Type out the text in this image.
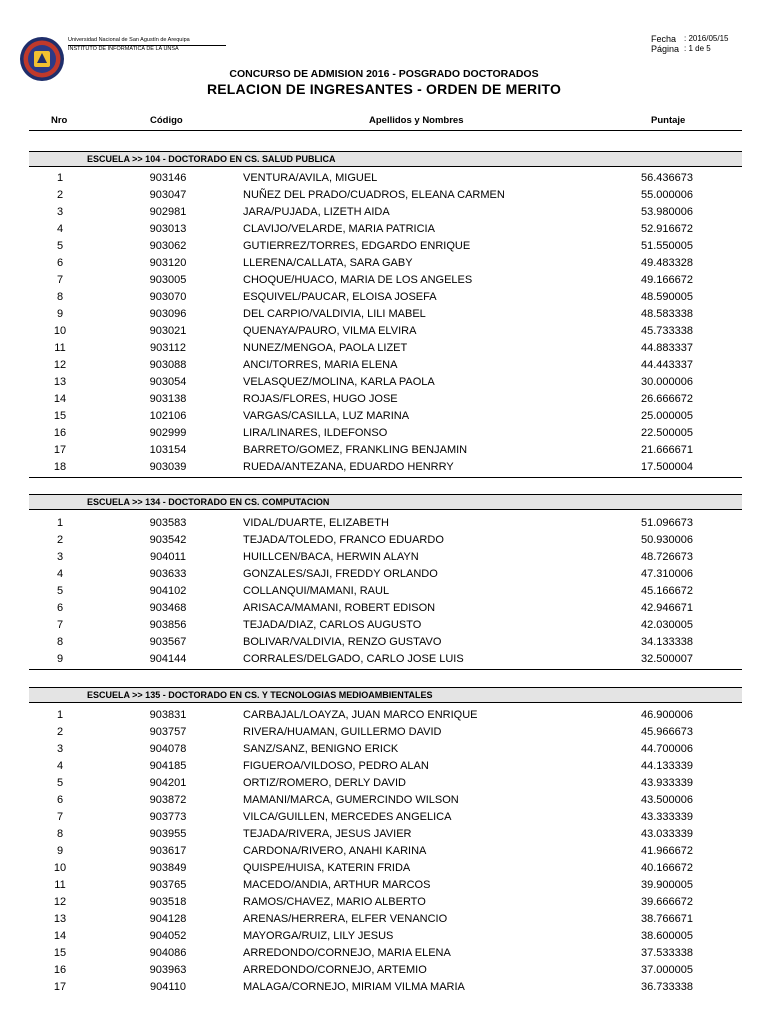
Universidad Nacional de San Agustín de Arequipa
INSTITUTO DE INFORMATICA DE LA UNSA
Fecha : 2016/05/15
Página : 1 de 5
CONCURSO DE ADMISION 2016 - POSGRADO DOCTORADOS
RELACION DE INGRESANTES - ORDEN DE MERITO
Nro	Código	Apellidos y Nombres	Puntaje
ESCUELA >> 104 - DOCTORADO EN CS. SALUD PUBLICA
1	903146	VENTURA/AVILA, MIGUEL	56.436673
2	903047	NUÑEZ DEL PRADO/CUADROS, ELEANA CARMEN	55.000006
3	902981	JARA/PUJADA, LIZETH AIDA	53.980006
4	903013	CLAVIJO/VELARDE, MARIA PATRICIA	52.916672
5	903062	GUTIERREZ/TORRES, EDGARDO ENRIQUE	51.550005
6	903120	LLERENA/CALLATA, SARA GABY	49.483328
7	903005	CHOQUE/HUACO, MARIA DE LOS ANGELES	49.166672
8	903070	ESQUIVEL/PAUCAR, ELOISA JOSEFA	48.590005
9	903096	DEL CARPIO/VALDIVIA, LILI MABEL	48.583338
10	903021	QUENAYA/PAURO, VILMA ELVIRA	45.733338
11	903112	NUNEZ/MENGOA, PAOLA LIZET	44.883337
12	903088	ANCI/TORRES, MARIA ELENA	44.443337
13	903054	VELASQUEZ/MOLINA, KARLA PAOLA	30.000006
14	903138	ROJAS/FLORES, HUGO JOSE	26.666672
15	102106	VARGAS/CASILLA, LUZ MARINA	25.000005
16	902999	LIRA/LINARES, ILDEFONSO	22.500005
17	103154	BARRETO/GOMEZ, FRANKLING BENJAMIN	21.666671
18	903039	RUEDA/ANTEZANA, EDUARDO HENRRY	17.500004
ESCUELA >> 134 - DOCTORADO EN CS. COMPUTACION
1	903583	VIDAL/DUARTE, ELIZABETH	51.096673
2	903542	TEJADA/TOLEDO, FRANCO EDUARDO	50.930006
3	904011	HUILLCEN/BACA, HERWIN ALAYN	48.726673
4	903633	GONZALES/SAJI, FREDDY ORLANDO	47.310006
5	904102	COLLANQUI/MAMANI, RAUL	45.166672
6	903468	ARISACA/MAMANI, ROBERT EDISON	42.946671
7	903856	TEJADA/DIAZ, CARLOS AUGUSTO	42.030005
8	903567	BOLIVAR/VALDIVIA, RENZO GUSTAVO	34.133338
9	904144	CORRALES/DELGADO, CARLO JOSE LUIS	32.500007
ESCUELA >> 135 - DOCTORADO EN CS. Y TECNOLOGIAS MEDIOAMBIENTALES
1	903831	CARBAJAL/LOAYZA, JUAN MARCO ENRIQUE	46.900006
2	903757	RIVERA/HUAMAN, GUILLERMO DAVID	45.966673
3	904078	SANZ/SANZ, BENIGNO ERICK	44.700006
4	904185	FIGUEROA/VILDOSO, PEDRO ALAN	44.133339
5	904201	ORTIZ/ROMERO, DERLY DAVID	43.933339
6	903872	MAMANI/MARCA, GUMERCINDO WILSON	43.500006
7	903773	VILCA/GUILLEN, MERCEDES ANGELICA	43.333339
8	903955	TEJADA/RIVERA, JESUS JAVIER	43.033339
9	903617	CARDONA/RIVERO, ANAHI KARINA	41.966672
10	903849	QUISPE/HUISA, KATERIN FRIDA	40.166672
11	903765	MACEDO/ANDIA, ARTHUR MARCOS	39.900005
12	903518	RAMOS/CHAVEZ, MARIO ALBERTO	39.666672
13	904128	ARENAS/HERRERA, ELFER VENANCIO	38.766671
14	904052	MAYORGA/RUIZ, LILY JESUS	38.600005
15	904086	ARREDONDO/CORNEJO, MARIA ELENA	37.533338
16	903963	ARREDONDO/CORNEJO, ARTEMIO	37.000005
17	904110	MALAGA/CORNEJO, MIRIAM VILMA MARIA	36.733338
